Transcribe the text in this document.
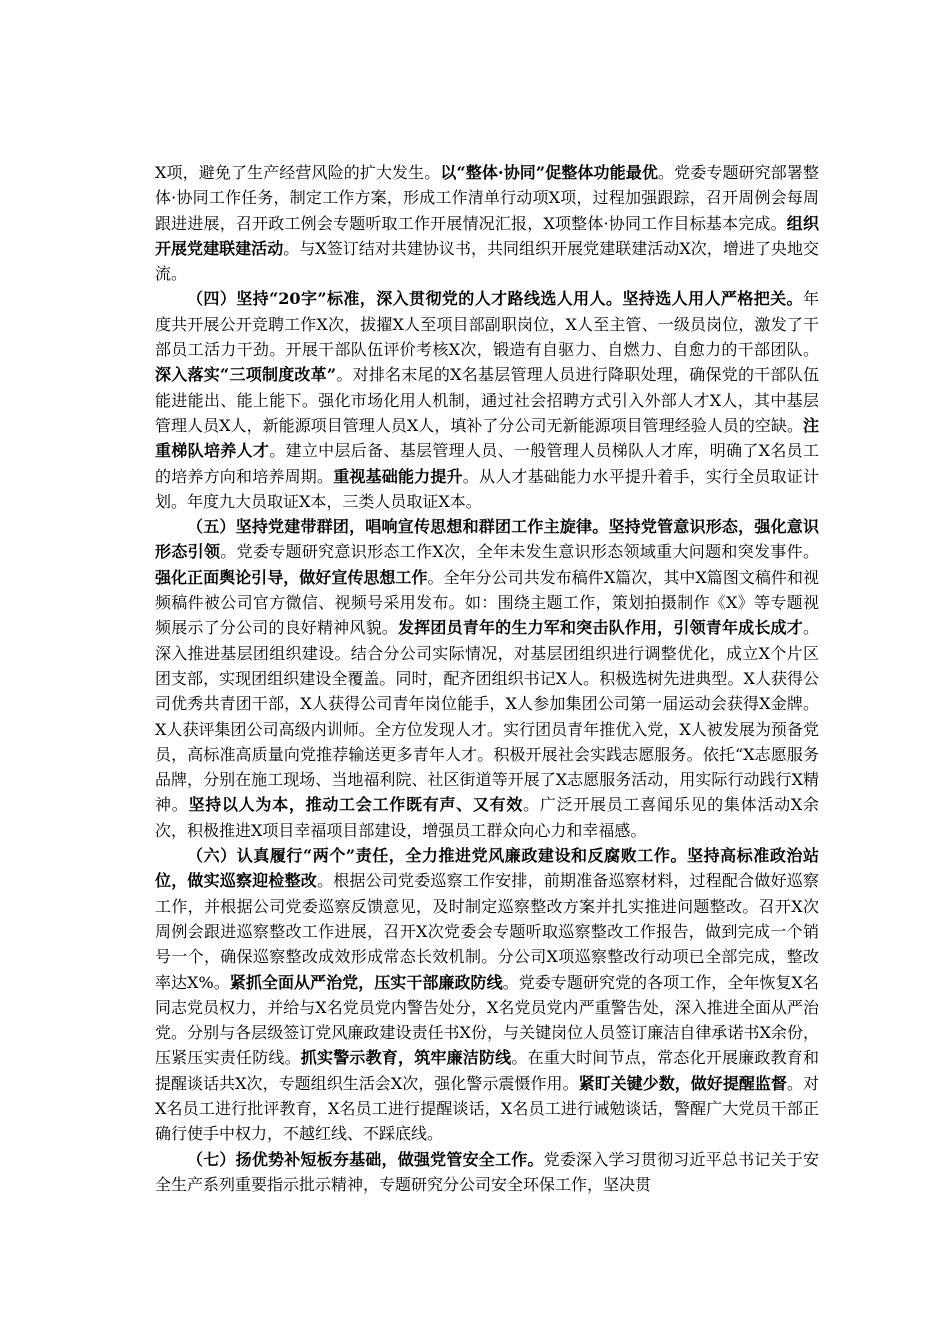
X项，避免了生产经营风险的扩大发生。以“整体·协同”促整体功能最优。党委专题研究部署整体·协同工作任务，制定工作方案，形成工作清单行动项X项，过程加强跟踪，召开周例会每周跟进进展，召开政工例会专题听取工作开展情况汇报，X项整体·协同工作目标基本完成。组织开展党建联建活动。与X签订结对共建协议书，共同组织开展党建联建活动X次，增进了央地交流。

（四）坚持“20字”标准，深入贯彻党的人才路线选人用人。坚持选人用人严格把关。年度共开展公开竞聘工作X次，拔擢X人至项目部副职岗位，X人至主管、一级员岗位，激发了干部员工活力干劲。开展干部队伍评价考核X次，锻造有自驱力、自燃力、自愈力的干部团队。深入落实“三项制度改革”。对排名末尾的X名基层管理人员进行降职处理，确保党的干部队伍能进能出、能上能下。强化市场化用人机制，通过社会招聘方式引入外部人才X人，其中基层管理人员X人，新能源项目管理人员X人，填补了分公司无新能源项目管理经验人员的空缺。注重梯队培养人才。建立中层后备、基层管理人员、一般管理人员梯队人才库，明确了X名员工的培养方向和培养周期。重视基础能力提升。从人才基础能力水平提升着手，实行全员取证计划。年度九大员取证X本，三类人员取证X本。

（五）坚持党建带群团，唱响宣传思想和群团工作主旋律。坚持党管意识形态，强化意识形态引领。党委专题研究意识形态工作X次，全年未发生意识形态领域重大问题和突发事件。强化正面舆论引导，做好宣传思想工作。全年分公司共发布稿件X篇次，其中X篇图文稿件和视频稿件被公司官方微信、视频号采用发布。如：围绕主题工作，策划拍摄制作《X》等专题视频展示了分公司的良好精神风貌。发挥团员青年的生力军和突击队作用，引领青年成长成才。深入推进基层团组织建设。结合分公司实际情况，对基层团组织进行调整优化，成立X个片区团支部，实现团组织建设全覆盖。同时，配齐团组织书记X人。积极选树先进典型。X人获得公司优秀共青团干部，X人获得公司青年岗位能手，X人参加集团公司第一届运动会获得X金牌。X人获评集团公司高级内训师。全方位发现人才。实行团员青年推优入党，X人被发展为预备党员，高标准高质量向党推荐输送更多青年人才。积极开展社会实践志愿服务。依托“X志愿服务品牌，分别在施工现场、当地福利院、社区街道等开展了X志愿服务活动，用实际行动践行X精神。坚持以人为本，推动工会工作既有声、又有效。广泛开展员工喜闻乐见的集体活动X余次，积极推进X项目幸福项目部建设，增强员工群众向心力和幸福感。

（六）认真履行“两个”责任，全力推进党风廉政建设和反腐败工作。坚持高标准政治站位，做实巡察迎检整改。根据公司党委巡察工作安排，前期准备巡察材料，过程配合做好巡察工作，并根据公司党委巡察反馈意见，及时制定巡察整改方案并扎实推进问题整改。召开X次周例会跟进巡察整改工作进展，召开X次党委会专题听取巡察整改工作报告，做到完成一个销号一个，确保巡察整改成效形成常态长效机制。分公司X项巡察整改行动项已全部完成，整改率达X%。紧抓全面从严治党，压实干部廉政防线。党委专题研究党的各项工作，全年恢复X名同志党员权力，并给与X名党员党内警告处分，X名党员党内严重警告处，深入推进全面从严治党。分别与各层级签订党风廉政建设责任书X份，与关键岗位人员签订廉洁自律承诺书X余份，压紧压实责任防线。抓实警示教育，筑牢廉洁防线。在重大时间节点，常态化开展廉政教育和提醒谈话共X次，专题组织生活会X次，强化警示震慑作用。紧盯关键少数，做好提醒监督。对X名员工进行批评教育，X名员工进行提醒谈话，X名员工进行诫勉谈话，警醒广大党员干部正确行使手中权力，不越红线、不踩底线。

（七）扬优势补短板夯基础，做强党管安全工作。党委深入学习贯彻习近平总书记关于安全生产系列重要指示批示精神，专题研究分公司安全环保工作，坚决贯
